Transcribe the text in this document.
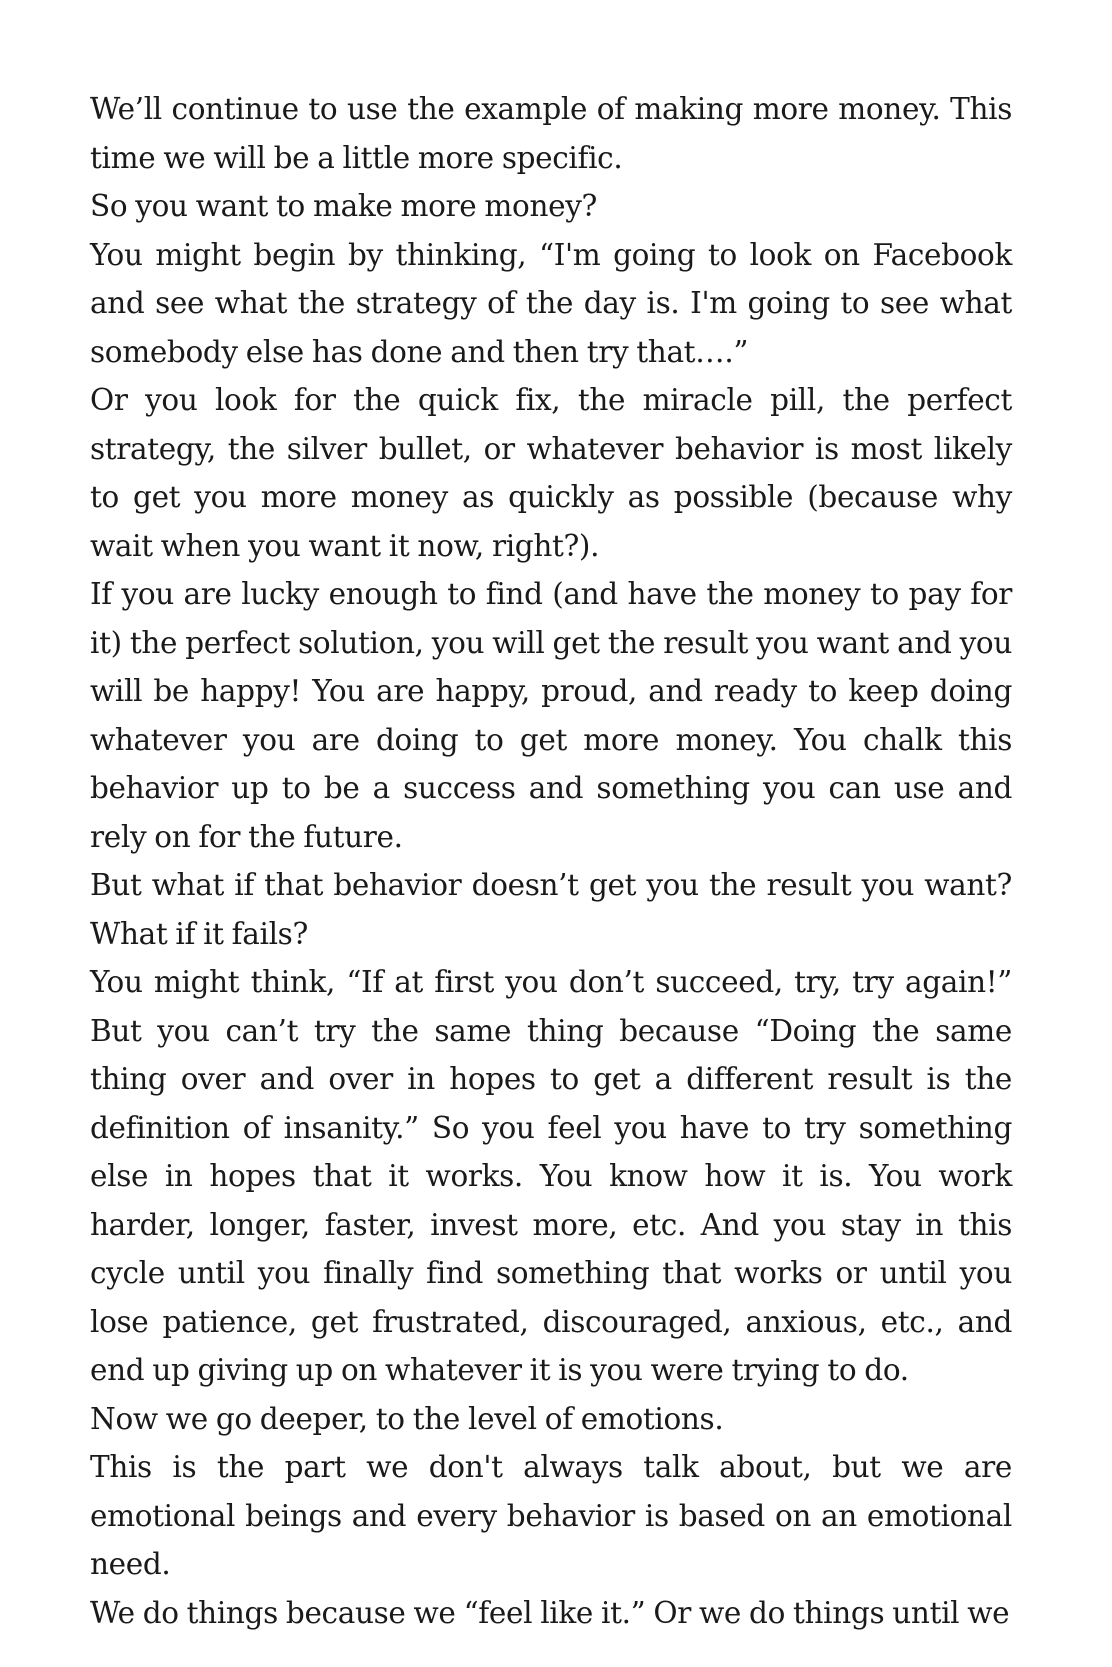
We’ll continue to use the example of making more money. This time we will be a little more specific.

So you want to make more money?

You might begin by thinking, “I'm going to look on Facebook and see what the strategy of the day is. I'm going to see what somebody else has done and then try that….”

Or you look for the quick fix, the miracle pill, the perfect strategy, the silver bullet, or whatever behavior is most likely to get you more money as quickly as possible (because why wait when you want it now, right?).

If you are lucky enough to find (and have the money to pay for it) the perfect solution, you will get the result you want and you will be happy! You are happy, proud, and ready to keep doing whatever you are doing to get more money. You chalk this behavior up to be a success and something you can use and rely on for the future.

But what if that behavior doesn’t get you the result you want? What if it fails?

You might think, “If at first you don’t succeed, try, try again!” But you can’t try the same thing because “Doing the same thing over and over in hopes to get a different result is the definition of insanity.” So you feel you have to try something else in hopes that it works. You know how it is. You work harder, longer, faster, invest more, etc. And you stay in this cycle until you finally find something that works or until you lose patience, get frustrated, discouraged, anxious, etc., and end up giving up on whatever it is you were trying to do.

Now we go deeper, to the level of emotions.

This is the part we don't always talk about, but we are emotional beings and every behavior is based on an emotional need.

We do things because we “feel like it.” Or we do things until we
